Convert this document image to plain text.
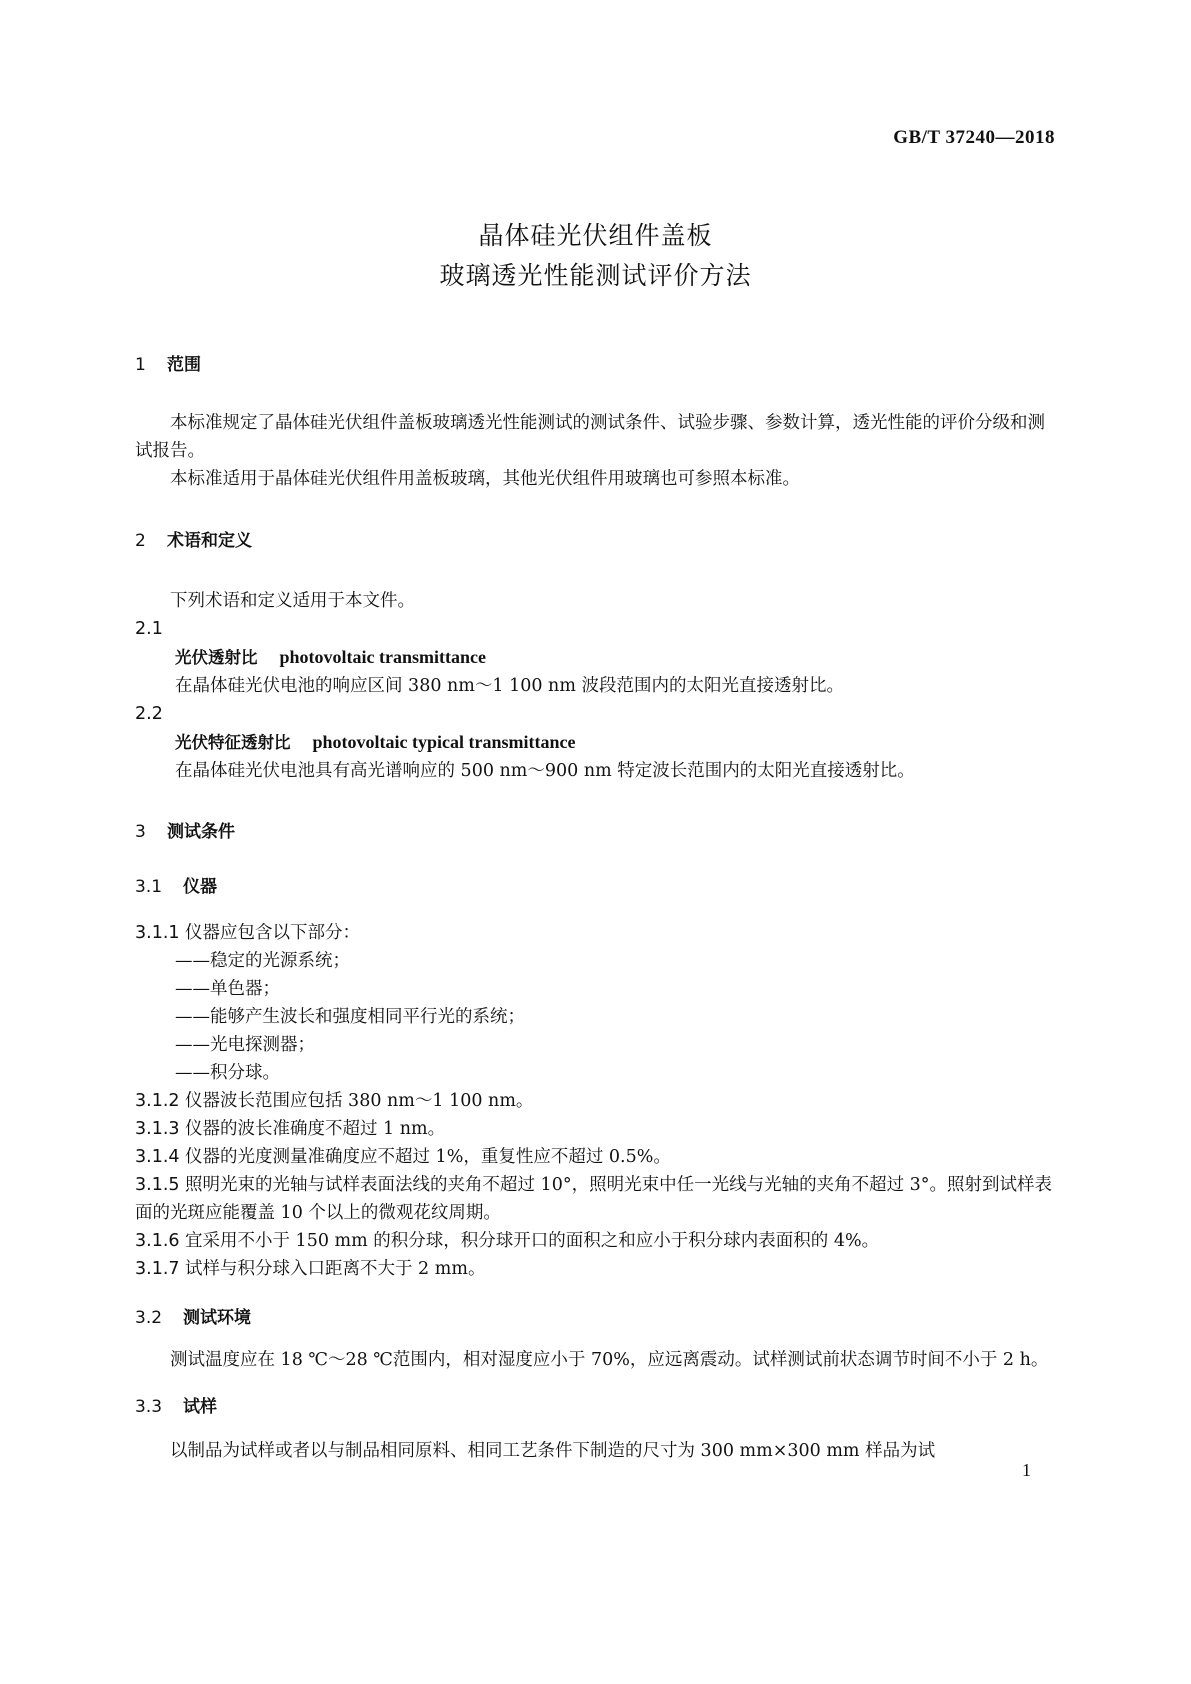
GB/T 37240—2018
晶体硅光伏组件盖板
玻璃透光性能测试评价方法
1 范围
本标准规定了晶体硅光伏组件盖板玻璃透光性能测试的测试条件、试验步骤、参数计算，透光性能的评价分级和测试报告。
本标准适用于晶体硅光伏组件用盖板玻璃，其他光伏组件用玻璃也可参照本标准。
2 术语和定义
下列术语和定义适用于本文件。
2.1
光伏透射比 photovoltaic transmittance
在晶体硅光伏电池的响应区间 380 nm～1 100 nm 波段范围内的太阳光直接透射比。
2.2
光伏特征透射比 photovoltaic typical transmittance
在晶体硅光伏电池具有高光谱响应的 500 nm～900 nm 特定波长范围内的太阳光直接透射比。
3 测试条件
3.1 仪器
3.1.1 仪器应包含以下部分：
——稳定的光源系统；
——单色器；
——能够产生波长和强度相同平行光的系统；
——光电探测器；
——积分球。
3.1.2 仪器波长范围应包括 380 nm～1 100 nm。
3.1.3 仪器的波长准确度不超过 1 nm。
3.1.4 仪器的光度测量准确度应不超过 1%，重复性应不超过 0.5%。
3.1.5 照明光束的光轴与试样表面法线的夹角不超过 10°，照明光束中任一光线与光轴的夹角不超过 3°。照射到试样表面的光斑应能覆盖 10 个以上的微观花纹周期。
3.1.6 宜采用不小于 150 mm 的积分球，积分球开口的面积之和应小于积分球内表面积的 4%。
3.1.7 试样与积分球入口距离不大于 2 mm。
3.2 测试环境
测试温度应在 18 ℃～28 ℃范围内，相对湿度应小于 70%，应远离震动。试样测试前状态调节时间不小于 2 h。
3.3 试样
以制品为试样或者以与制品相同原料、相同工艺条件下制造的尺寸为 300 mm×300 mm 样品为试
1
